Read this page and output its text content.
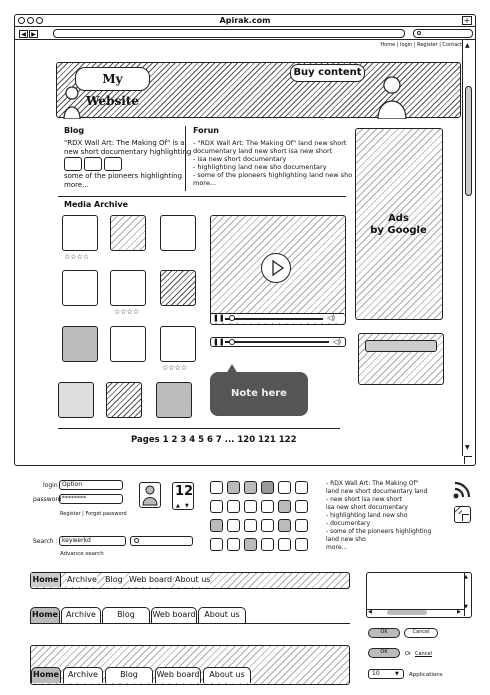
Apirak.com	+
◀ ▶
Home | login | Register | Contact ▲
▼
My Website
Buy content
Blog
"RDX Wall Art: The Making Of" is a
new short documentary highlighting
some of the pioneers highlighting
more...
Forun
- "RDX Wall Art: The Making Of" land new short
documentary land new short isa new short
- isa new short documentary
- highlighting land new sho documentary
- some of the pioneers highlighting land new sho
more...
Ads
by Google
Media Archive
☆☆☆☆
☆☆☆☆
☆☆☆☆
❚❚	◁)
❚❚	◁)
Note here
Pages 1 2 3 4 5 6 7 ... 120 121 122
login Option
password ********
Register | Forgot password
12
▲ ▼
- RDX Wall Art: The Making Of"
land new short documentary land
- new short isa new short
isa new short documentary
- highlighting land new sho
- documentary
- some of the pioneers highlighting
land new sho
more...
Search : keywerkd
Advance search
Home	Archive Blog Web board About us
Home	Archive	Blog	Web board	About us
Home	Archive	Blog	Web board	About us
▲
▼
◀	▶
OK	Cancel
OK	Or Cancel
10	▼ Applications
